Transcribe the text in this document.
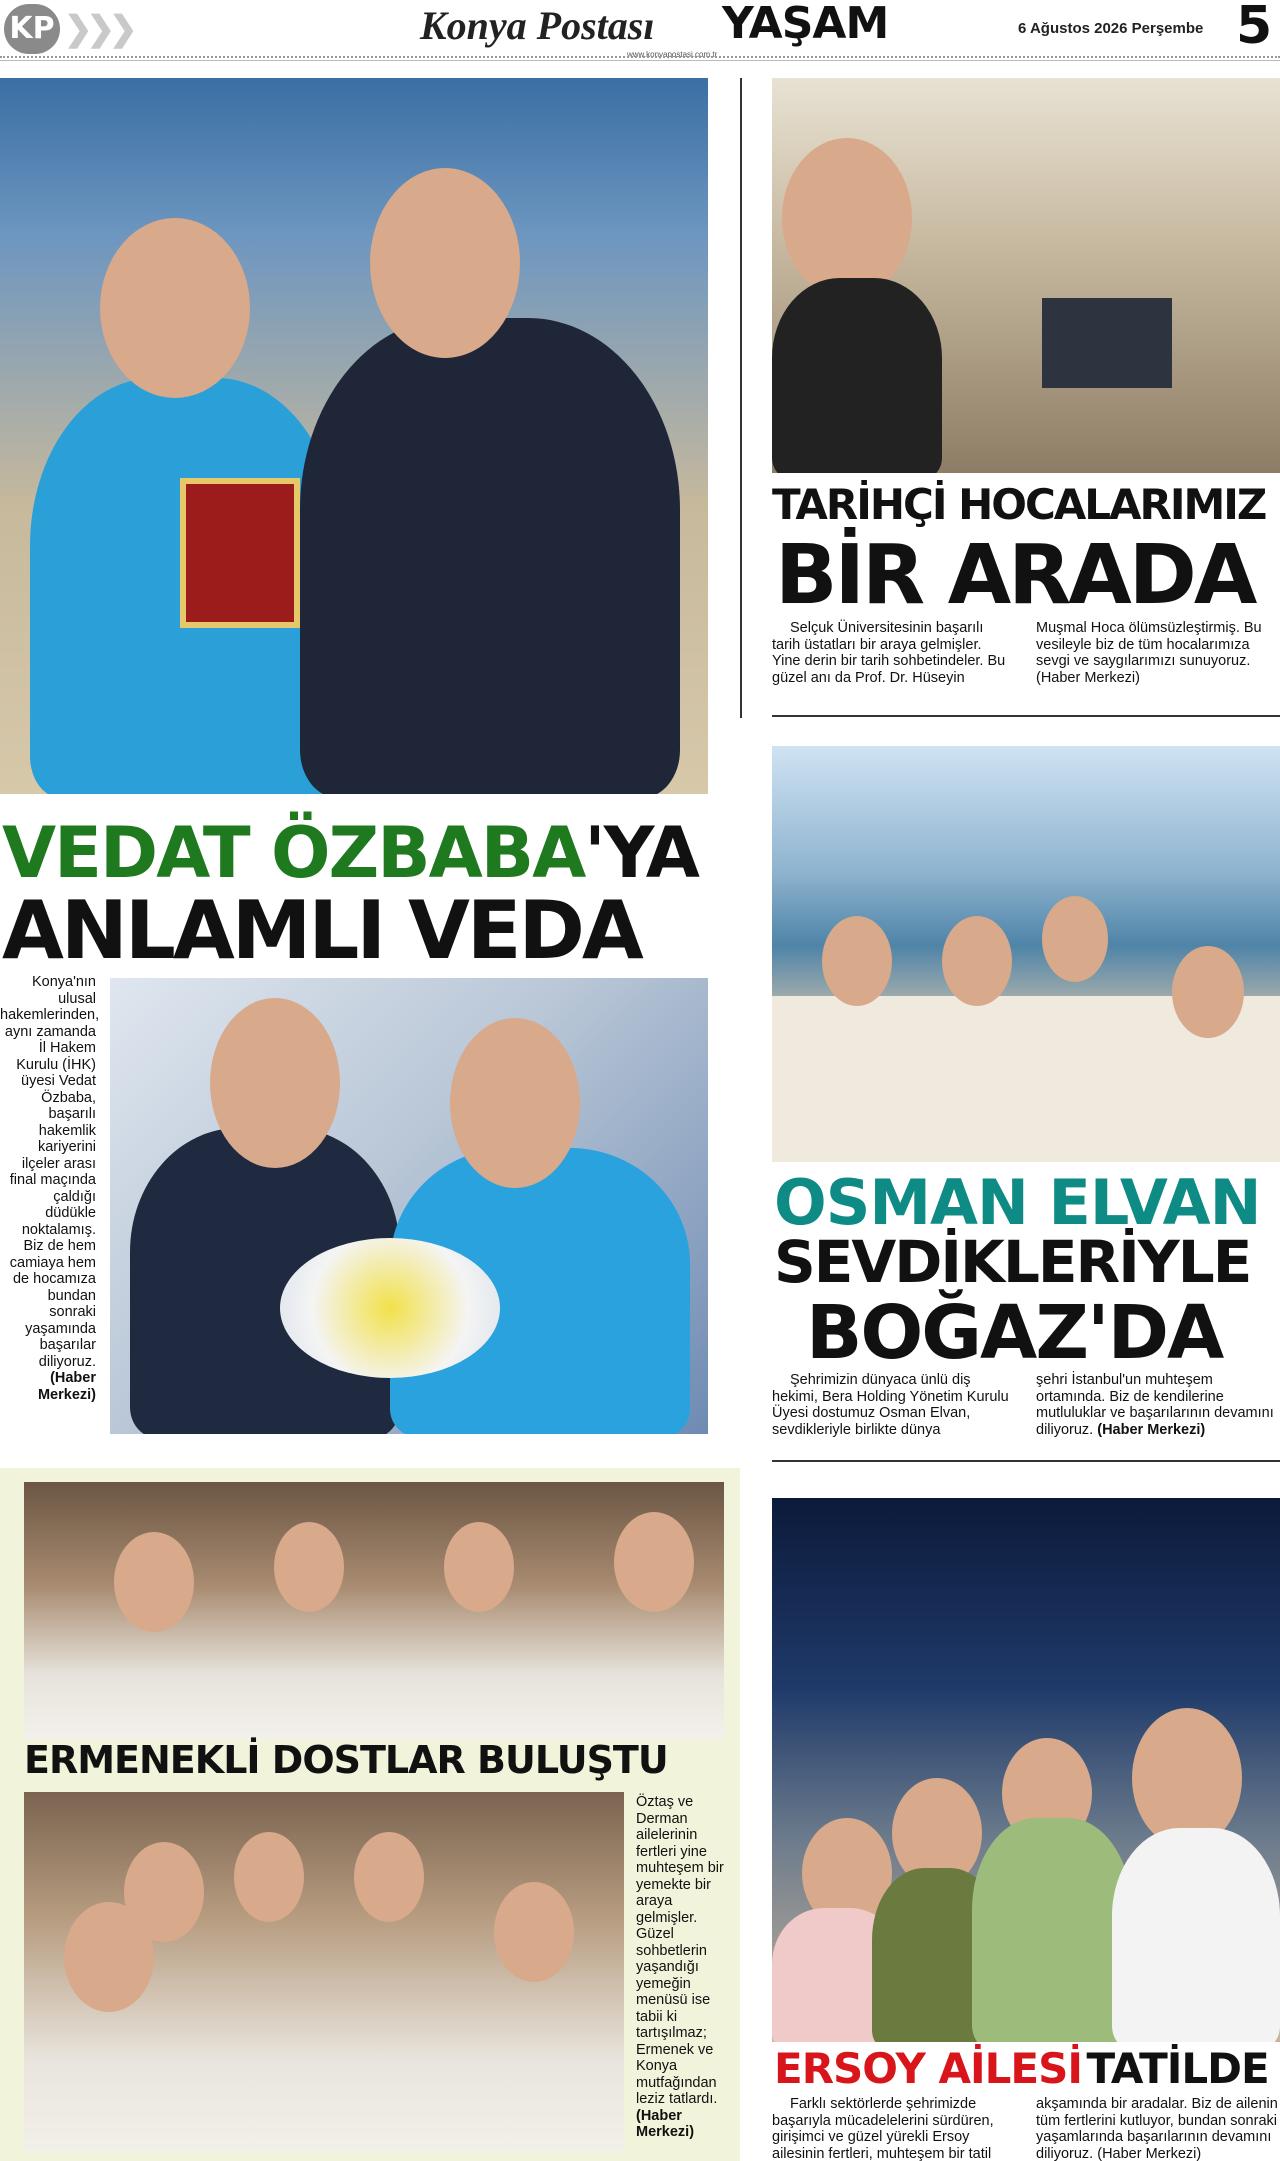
KP ❯❯❯	Konya Postası YAŞAM
www.konyapostasi.com.tr
6 Ağustos 2026 Perşembe 5
TARİHÇİ HOCALARIMIZ
BİR ARADA
Selçuk Üniversitesinin başarılı tarih üstatları bir araya gelmişler. Yine derin bir tarih sohbetindeler. Bu güzel anı da Prof. Dr. Hüseyin
Muşmal Hoca ölümsüzleştirmiş. Bu vesileyle biz de tüm hocalarımıza sevgi ve saygılarımızı sunuyoruz. (Haber Merkezi)
VEDAT ÖZBABA'YA
ANLAMLI VEDA
Konya'nın ulusal hakemlerinden, aynı zamanda İl Hakem Kurulu (İHK) üyesi Vedat Özbaba, başarılı hakemlik kariyerini ilçeler arası final maçında çaldığı düdükle noktalamış. Biz de hem camiaya hem de hocamıza bundan sonraki yaşamında başarılar diliyoruz. (Haber Merkezi)
OSMAN ELVAN
SEVDİKLERİYLE
BOĞAZ'DA
Şehrimizin dünyaca ünlü diş hekimi, Bera Holding Yönetim Kurulu Üyesi dostumuz Osman Elvan, sevdikleriyle birlikte dünya
şehri İstanbul'un muhteşem ortamında. Biz de kendilerine mutluluklar ve başarılarının devamını diliyoruz. (Haber Merkezi)
ERMENEKLİ DOSTLAR BULUŞTU
Öztaş ve Derman ailelerinin fertleri yine muhteşem bir yemekte bir araya gelmişler. Güzel sohbetlerin yaşandığı yemeğin menüsü ise tabii ki tartışılmaz; Ermenek ve Konya mutfağından leziz tatlardı. (Haber Merkezi)
ERSOY AİLESİ TATİLDE
Farklı sektörlerde şehrimizde başarıyla mücadelelerini sürdüren, girişimci ve güzel yürekli Ersoy ailesinin fertleri, muhteşem bir tatil
akşamında bir aradalar. Biz de ailenin tüm fertlerini kutluyor, bundan sonraki yaşamlarında başarılarının devamını diliyoruz. (Haber Merkezi)
